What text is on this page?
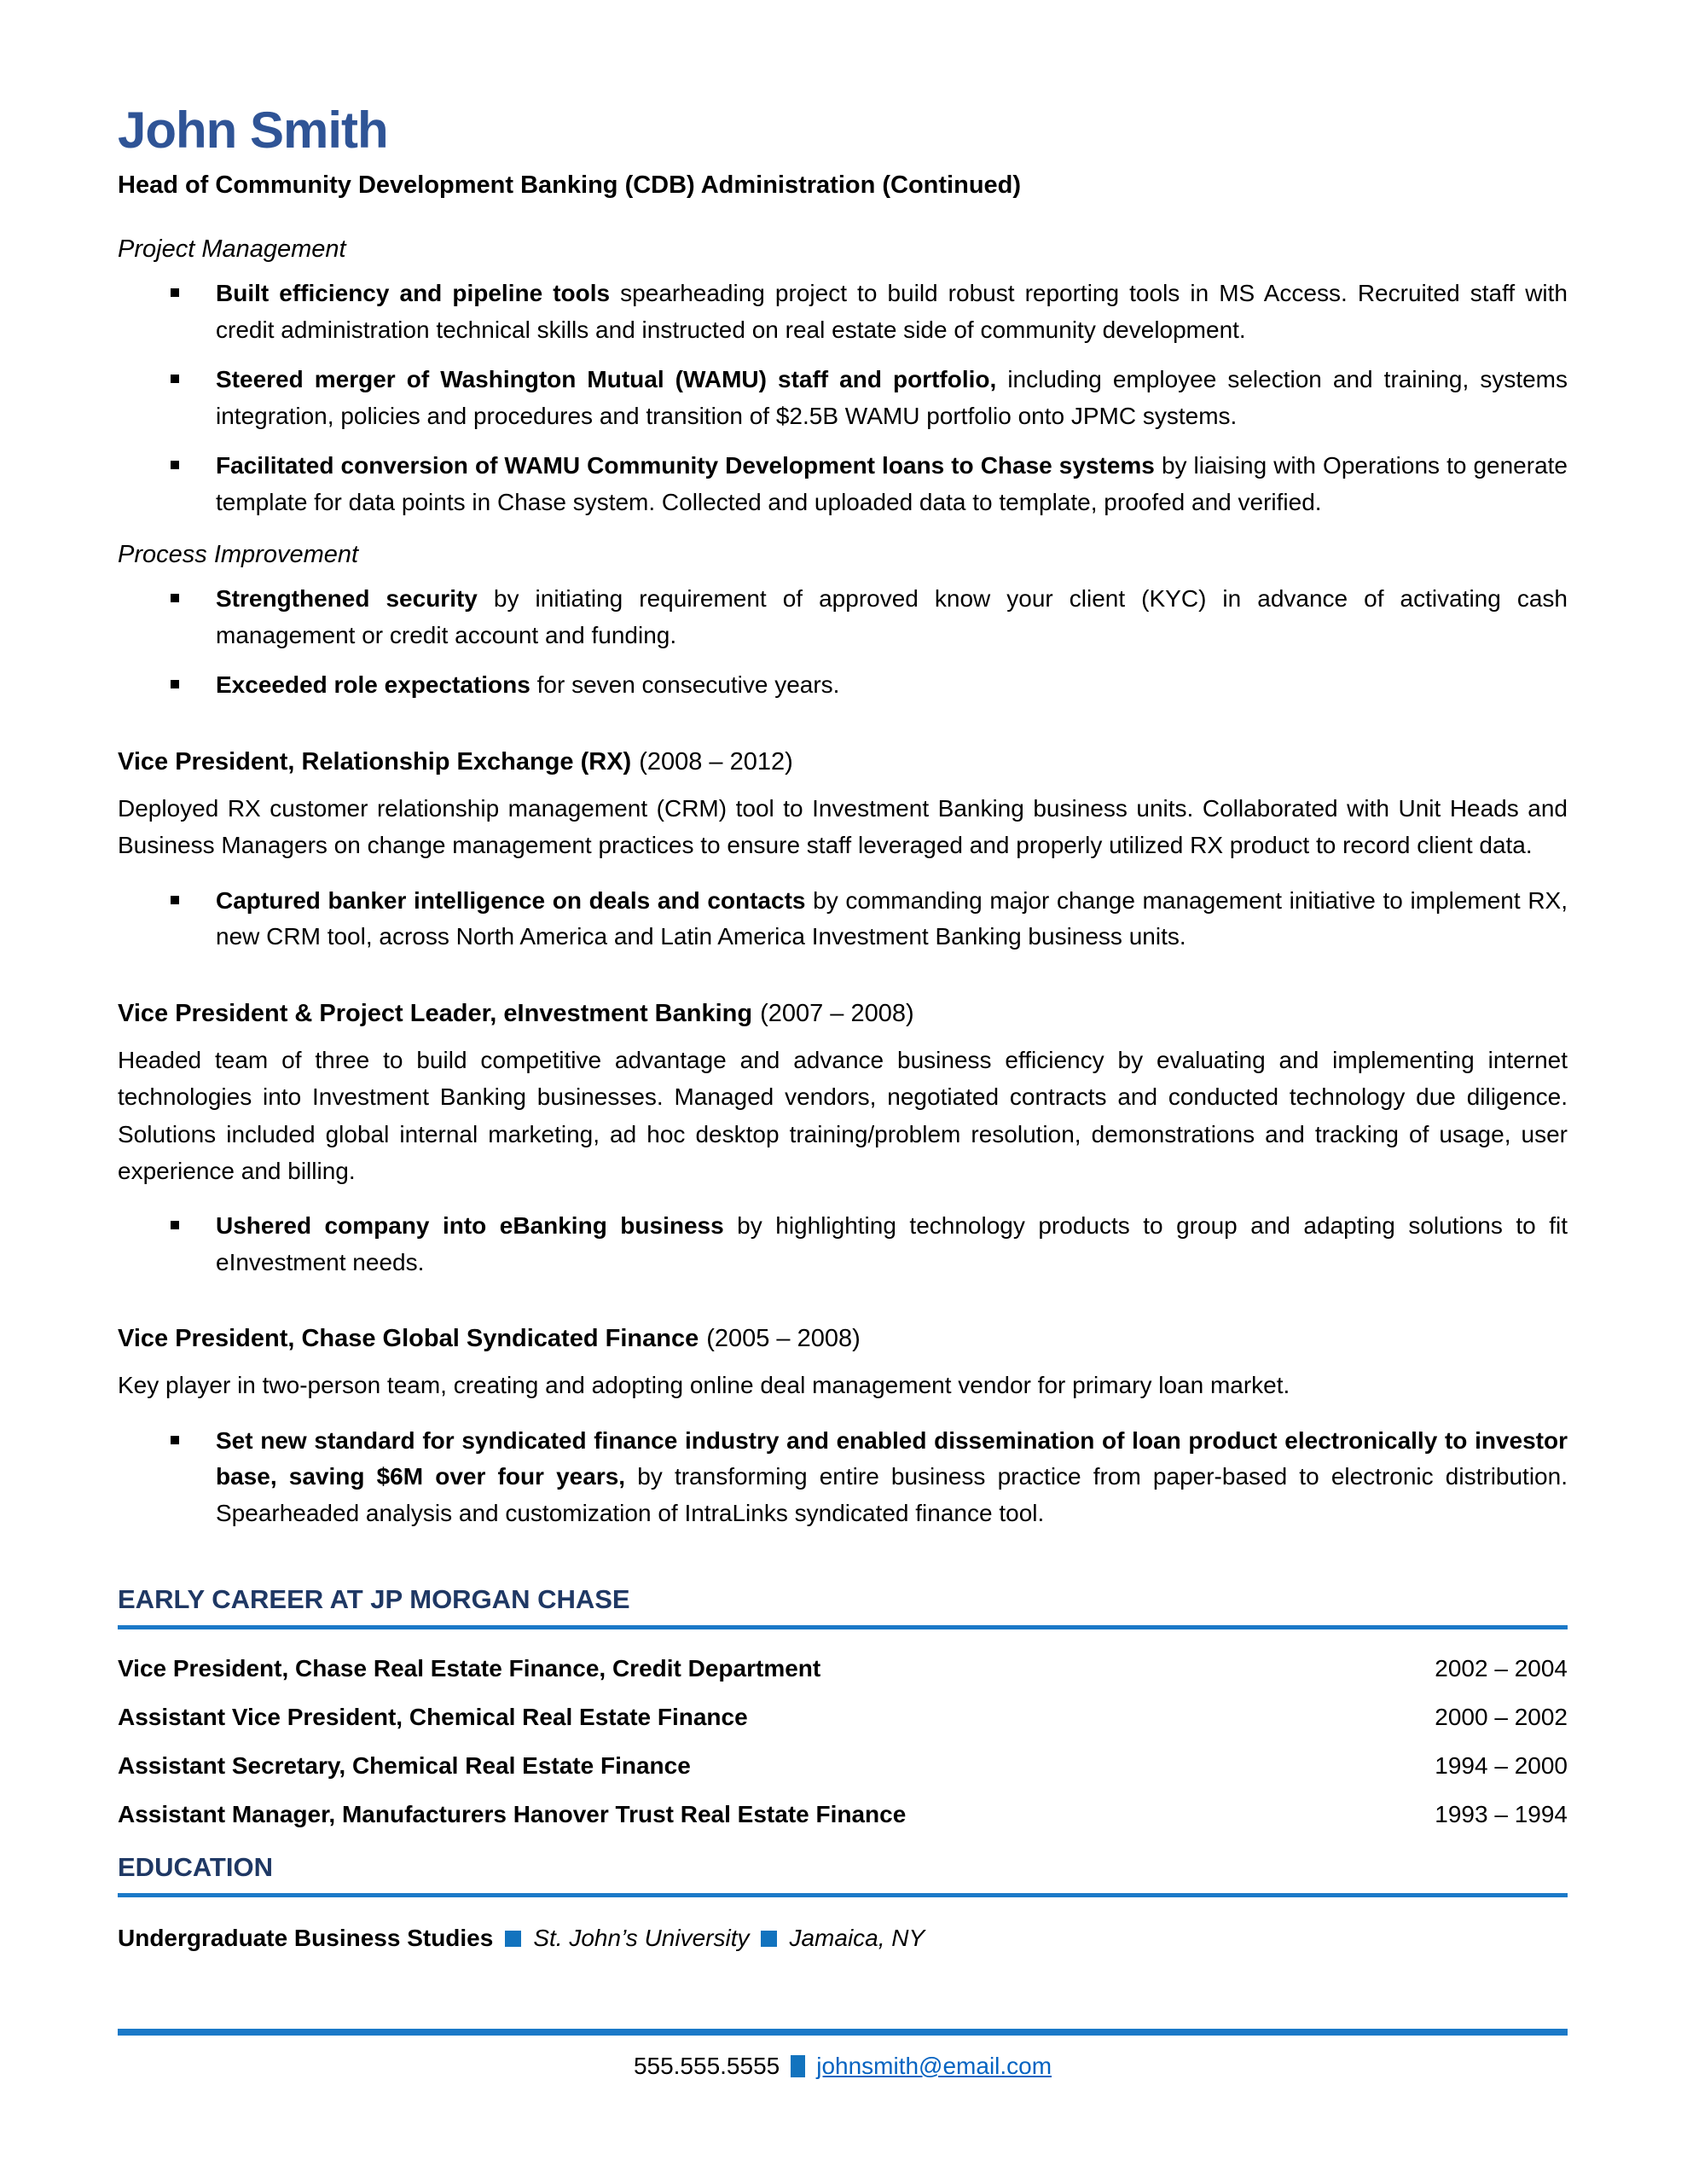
John Smith
Head of Community Development Banking (CDB) Administration (Continued)
Project Management

Built efficiency and pipeline tools spearheading project to build robust reporting tools in MS Access. Recruited staff with credit administration technical skills and instructed on real estate side of community development.

Steered merger of Washington Mutual (WAMU) staff and portfolio, including employee selection and training, systems integration, policies and procedures and transition of $2.5B WAMU portfolio onto JPMC systems.

Facilitated conversion of WAMU Community Development loans to Chase systems by liaising with Operations to generate template for data points in Chase system. Collected and uploaded data to template, proofed and verified.

Process Improvement

Strengthened security by initiating requirement of approved know your client (KYC) in advance of activating cash management or credit account and funding.

Exceeded role expectations for seven consecutive years.

Vice President, Relationship Exchange (RX) (2008 – 2012)

Deployed RX customer relationship management (CRM) tool to Investment Banking business units. Collaborated with Unit Heads and Business Managers on change management practices to ensure staff leveraged and properly utilized RX product to record client data.

Captured banker intelligence on deals and contacts by commanding major change management initiative to implement RX, new CRM tool, across North America and Latin America Investment Banking business units.

Vice President & Project Leader, eInvestment Banking (2007 – 2008)

Headed team of three to build competitive advantage and advance business efficiency by evaluating and implementing internet technologies into Investment Banking businesses. Managed vendors, negotiated contracts and conducted technology due diligence. Solutions included global internal marketing, ad hoc desktop training/problem resolution, demonstrations and tracking of usage, user experience and billing.

Ushered company into eBanking business by highlighting technology products to group and adapting solutions to fit eInvestment needs.

Vice President, Chase Global Syndicated Finance (2005 – 2008)

Key player in two-person team, creating and adopting online deal management vendor for primary loan market.

Set new standard for syndicated finance industry and enabled dissemination of loan product electronically to investor base, saving $6M over four years, by transforming entire business practice from paper-based to electronic distribution. Spearheaded analysis and customization of IntraLinks syndicated finance tool.

EARLY CAREER AT JP MORGAN CHASE
Vice President, Chase Real Estate Finance, Credit Department	2002 – 2004
Assistant Vice President, Chemical Real Estate Finance	2000 – 2002
Assistant Secretary, Chemical Real Estate Finance	1994 – 2000
Assistant Manager, Manufacturers Hanover Trust Real Estate Finance	1993 – 1994
EDUCATION
Undergraduate Business Studies St. John’s University Jamaica, NY
555.555.5555 johnsmith@email.com
